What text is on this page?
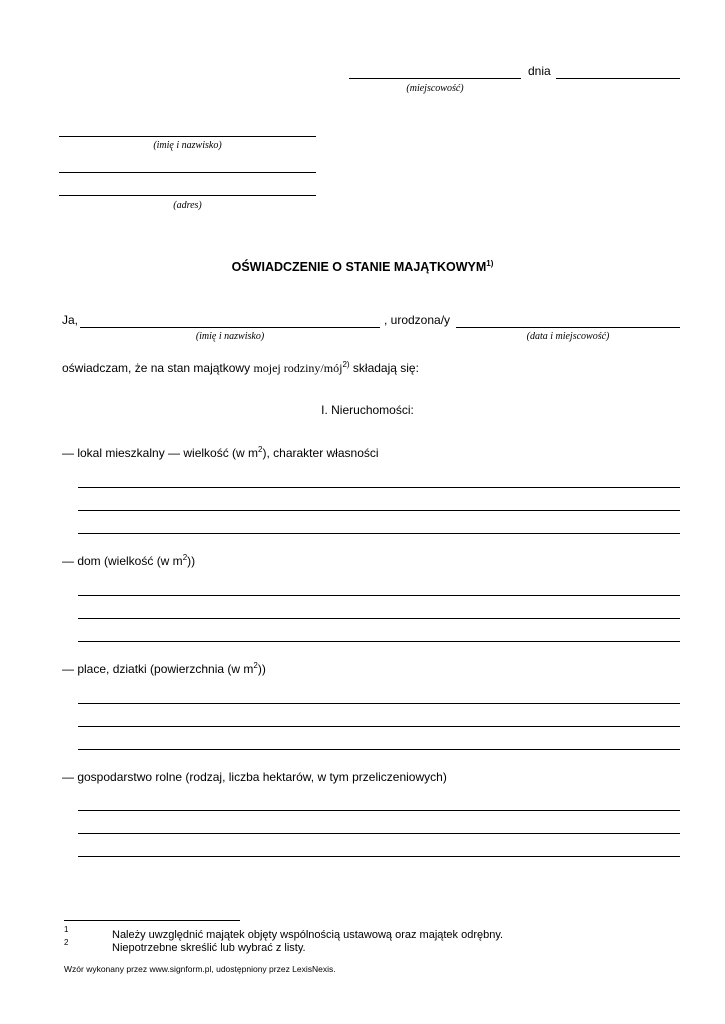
dnia
(miejscowość)
(imię i nazwisko)
(adres)
OŚWIADCZENIE O STANIE MAJĄTKOWYM$^{1)}$
Ja,	, urodzona/y
(imię i nazwisko)	(data i miejscowość)
oświadczam, że na stan majątkowy mojej rodziny/mój$^{2)}$ składają się:
I. Nieruchomości:
— lokal mieszkalny — wielkość (w $m^2$), charakter własności
— dom (wielkość (w $m^2$))
— place, dziatki (powierzchnia (w $m^2$))
— gospodarstwo rolne (rodzaj, liczba hektarów, w tym przeliczeniowych)
1	Należy uwzględnić majątek objęty wspólnością ustawową oraz majątek odrębny.
2	Niepotrzebne skreślić lub wybrać z listy.
Wzór wykonany przez www.signform.pl, udostępniony przez LexisNexis.
